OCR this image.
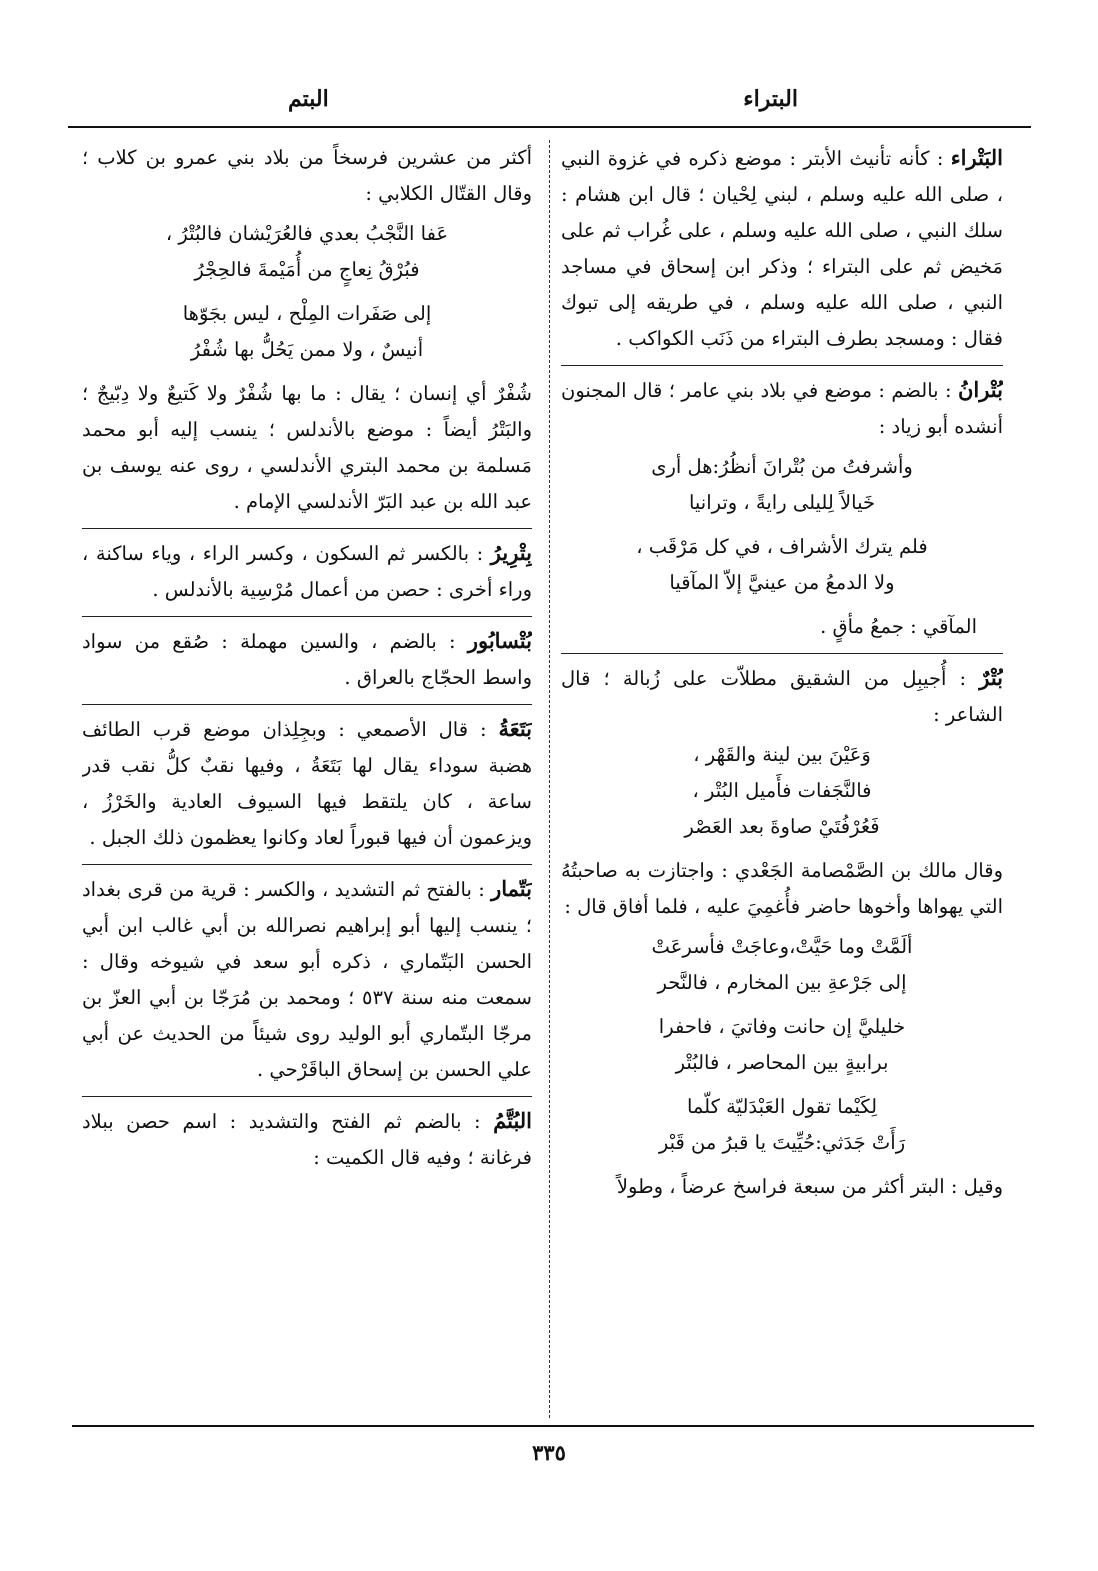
البتراء
البتم

البَتْراء : كأنه تأنيث الأبتر : موضع ذكره في غزوة النبي ، صلى الله عليه وسلم ، لبني لِحْيان ؛ قال ابن هشام : سلك النبي ، صلى الله عليه وسلم ، على غُراب ثم على مَخيض ثم على البتراء ؛ وذكر ابن إسحاق في مساجد النبي ، صلى الله عليه وسلم ، في طريقه إلى تبوك فقال : ومسجد بطرف البتراء من ذَنَب الكواكب .

بُتْرانُ : بالضم : موضع في بلاد بني عامر ؛ قال المجنون أنشده أبو زياد :

وأشرفتُ من بُتْرانَ أنظُرُ:هل أرى
خَيالاً لِليلى رايةً ، وترانيا
فلم يترك الأشراف ، في كل مَرْقَب ،
ولا الدمعُ من عينيَّ إلاّ المآقيا

المآقي : جمعُ مأقٍ .

بُتْرٌ : أُجيبِل من الشقيق مطلاّت على زُبالة ؛ قال الشاعر :

وَعَيْنَ بين لينة والقَهْر ،
فالنَّجَفات فأَميل البُتْر ،
فَعُرْفُتَيْ صاوةَ بعد العَصْر

وقال مالك بن الصَّمْصامة الجَعْدي : واجتازت به صاحبتُهُ التي يهواها وأخوها حاضر فأُغمِيَ عليه ، فلما أفاق قال :

ألَمَّتْ وما حَيَّتْ،وعاجَتْ فأسرعَتْ
إلى جَرْعةِ بين المخارم ، فالنَّحر
خليليَّ إن حانت وفاتيَ ، فاحفرا
برابيةٍ بين المحاصر ، فالبُتْر
لِكَيْما تقول العَبْدَليّة كلّما
رَأَتْ جَدَثي:حُيِّيتَ يا قبرُ من قَبْر

وقيل : البتر أكثر من سبعة فراسخ عرضاً ، وطولاً

أكثر من عشرين فرسخاً من بلاد بني عمرو بن كلاب ؛ وقال القتّال الكلابي :

عَفا النَّجْبُ بعدي فالعُرَيْشان فالبُتْرُ ،
فبُرْقُ نِعاجٍ من أُمَيْمةَ فالحِجْرُ
إلى صَفَرات المِلْح ، ليس بجَوّها
أنيسٌ ، ولا ممن يَحُلُّ بها شُفْرُ

شُفْرٌ أي إنسان ؛ يقال : ما بها شُفْرٌ ولا كَتيعٌ ولا دِبّيجٌ ؛ والبَتْرُ أيضاً : موضع بالأندلس ؛ ينسب إليه أبو محمد مَسلمة بن محمد البتري الأندلسي ، روى عنه يوسف بن عبد الله بن عبد البَرّ الأندلسي الإمام .

بِتْرِيرُ : بالكسر ثم السكون ، وكسر الراء ، وياء ساكنة ، وراء أخرى : حصن من أعمال مُرْسِية بالأندلس .

بُتْسابُور : بالضم ، والسين مهملة : صُقع من سواد واسط الحجّاج بالعراق .

بَتَعَةُ : قال الأصمعي : وبجِلِذان موضع قرب الطائف هضبة سوداء يقال لها بَتَعَةُ ، وفيها نقبٌ كلُّ نقب قدر ساعة ، كان يلتقط فيها السيوف العادية والخَرْزُ ، ويزعمون أن فيها قبوراً لعاد وكانوا يعظمون ذلك الجبل .

بَتّمار : بالفتح ثم التشديد ، والكسر : قرية من قرى بغداد ؛ ينسب إليها أبو إبراهيم نصرالله بن أبي غالب ابن أبي الحسن البَتّماري ، ذكره أبو سعد في شيوخه وقال : سمعت منه سنة ٥٣٧ ؛ ومحمد بن مُرَجّا بن أبي العزّ بن مرجّا البتّماري أبو الوليد روى شيئاً من الحديث عن أبي علي الحسن بن إسحاق الباقَرْحي .

البُتَّمُ : بالضم ثم الفتح والتشديد : اسم حصن ببلاد فرغانة ؛ وفيه قال الكميت :

٣٣٥
